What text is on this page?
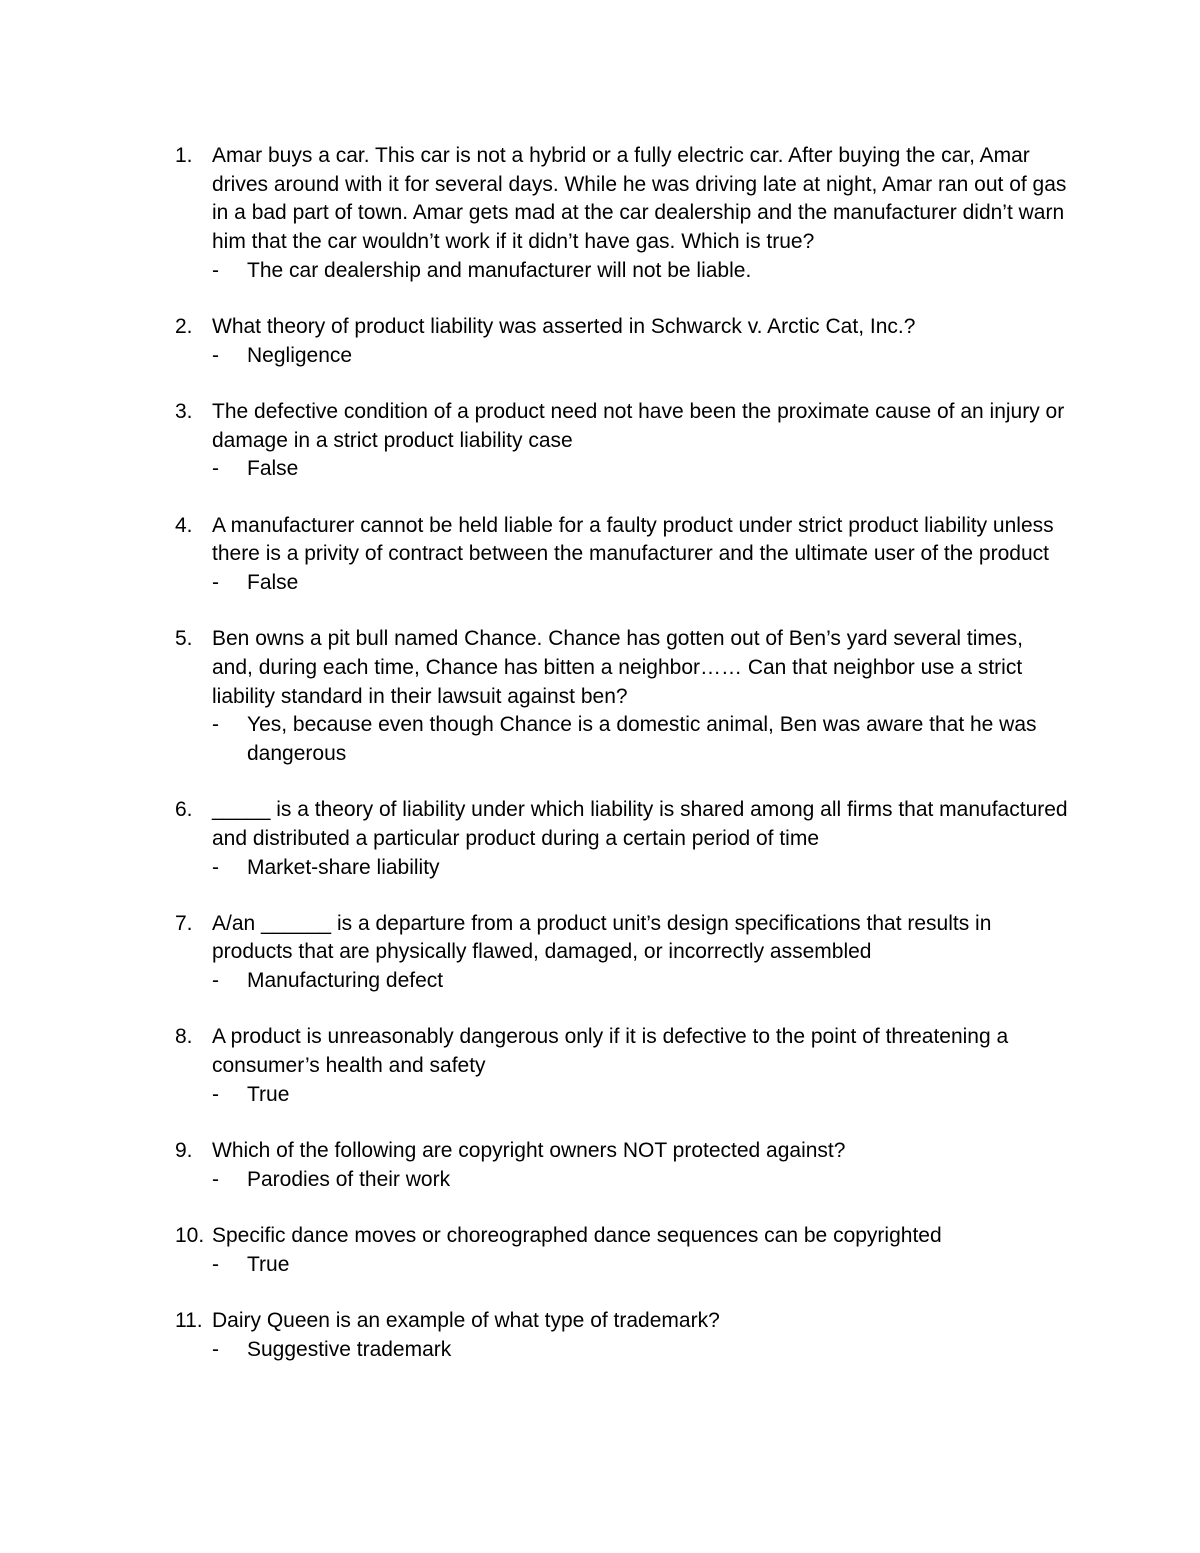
1. Amar buys a car. This car is not a hybrid or a fully electric car. After buying the car, Amar drives around with it for several days. While he was driving late at night, Amar ran out of gas in a bad part of town. Amar gets mad at the car dealership and the manufacturer didn’t warn him that the car wouldn’t work if it didn’t have gas. Which is true?
- The car dealership and manufacturer will not be liable.
2. What theory of product liability was asserted in Schwarck v. Arctic Cat, Inc.?
- Negligence
3. The defective condition of a product need not have been the proximate cause of an injury or damage in a strict product liability case
- False
4. A manufacturer cannot be held liable for a faulty product under strict product liability unless there is a privity of contract between the manufacturer and the ultimate user of the product
- False
5. Ben owns a pit bull named Chance. Chance has gotten out of Ben’s yard several times, and, during each time, Chance has bitten a neighbor…… Can that neighbor use a strict liability standard in their lawsuit against ben?
- Yes, because even though Chance is a domestic animal, Ben was aware that he was dangerous
6. _____ is a theory of liability under which liability is shared among all firms that manufactured and distributed a particular product during a certain period of time
- Market-share liability
7. A/an ______ is a departure from a product unit’s design specifications that results in products that are physically flawed, damaged, or incorrectly assembled
- Manufacturing defect
8. A product is unreasonably dangerous only if it is defective to the point of threatening a consumer’s health and safety
- True
9. Which of the following are copyright owners NOT protected against?
- Parodies of their work
10. Specific dance moves or choreographed dance sequences can be copyrighted
- True
11. Dairy Queen is an example of what type of trademark?
- Suggestive trademark
